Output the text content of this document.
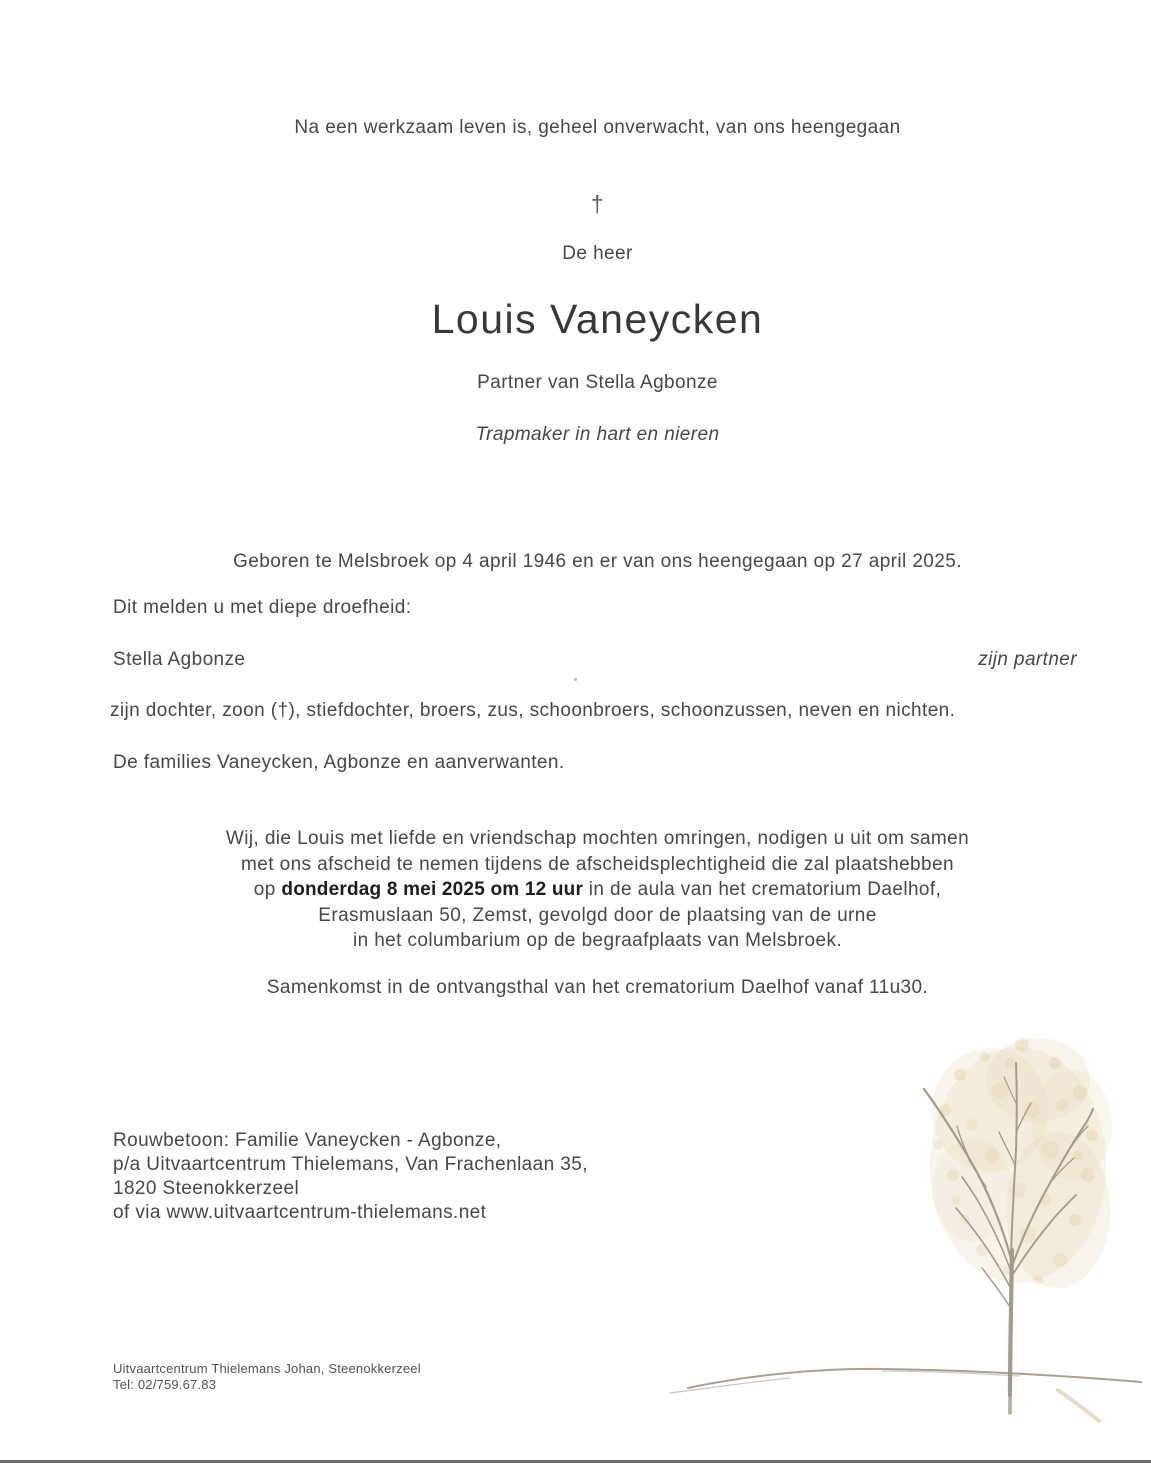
Na een werkzaam leven is, geheel onverwacht, van ons heengegaan
†
De heer
Louis Vaneycken
Partner van Stella Agbonze
Trapmaker in hart en nieren
Geboren te Melsbroek op 4 april 1946 en er van ons heengegaan op 27 april 2025.
Dit melden u met diepe droefheid:
Stella Agbonze	zijn partner
zijn dochter, zoon (†), stiefdochter, broers, zus, schoonbroers, schoonzussen, neven en nichten.
De families Vaneycken, Agbonze en aanverwanten.
Wij, die Louis met liefde en vriendschap mochten omringen, nodigen u uit om samen
met ons afscheid te nemen tijdens de afscheidsplechtigheid die zal plaatshebben
op donderdag 8 mei 2025 om 12 uur in de aula van het crematorium Daelhof,
Erasmuslaan 50, Zemst, gevolgd door de plaatsing van de urne
in het columbarium op de begraafplaats van Melsbroek.
Samenkomst in de ontvangsthal van het crematorium Daelhof vanaf 11u30.
Rouwbetoon: Familie Vaneycken - Agbonze,
p/a Uitvaartcentrum Thielemans, Van Frachenlaan 35,
1820 Steenokkerzeel
of via www.uitvaartcentrum-thielemans.net
Uitvaartcentrum Thielemans Johan, Steenokkerzeel
Tel: 02/759.67.83
